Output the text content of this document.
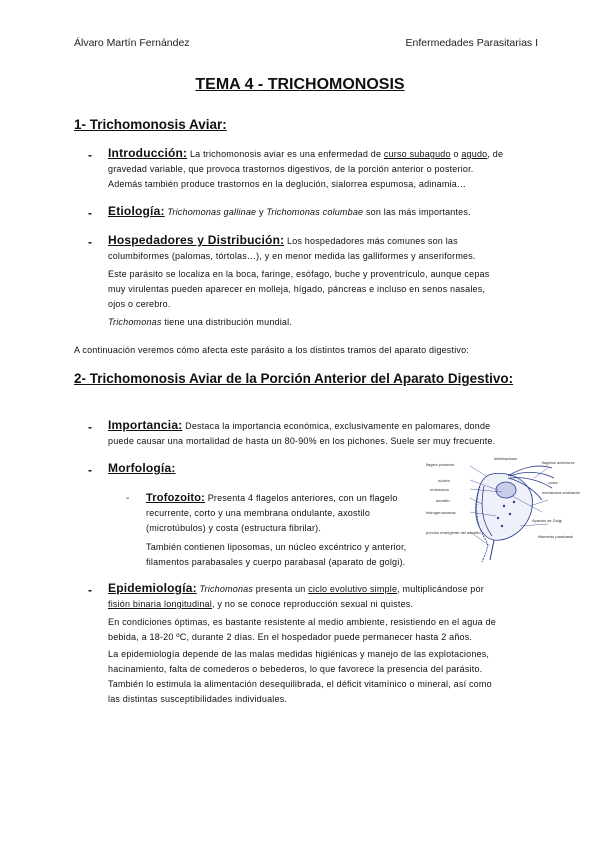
Álvaro Martín Fernández	Enfermedades Parasitarias I
TEMA 4 - TRICHOMONOSIS
1- Trichomonosis Aviar:
- Introducción: La trichomonosis aviar es una enfermedad de curso subagudo o agudo, de
gravedad variable, que provoca trastornos digestivos, de la porción anterior o posterior.
Además también produce trastornos en la deglución, sialorrea espumosa, adinamia…
- Etiología: Trichomonas gallinae y Trichomonas columbae son las más importantes.
- Hospedadores y Distribución: Los hospedadores más comunes son las
columbiformes (palomas, tórtolas…), y en menor medida las galliformes y anseriformes.
Este parásito se localiza en la boca, faringe, esófago, buche y proventrículo, aunque cepas
muy virulentas pueden aparecer en molleja, hígado, páncreas e incluso en senos nasales,
ojos o cerebro.
Trichomonas tiene una distribución mundial.
A continuación veremos cómo afecta este parásito a los distintos tramos del aparato digestivo:
2- Trichomonosis Aviar de la Porción Anterior del Aparato Digestivo:
- Importancia: Destaca la importancia económica, exclusivamente en palomares, donde
puede causar una mortalidad de hasta un 80-90% en los pichones. Suele ser muy frecuente.
- Morfología:
- Trofozoito: Presenta 4 flagelos anteriores, con un flagelo
recurrente, corto y una membrana ondulante, axostilo
(microtúbulos) y costa (estructura fibrilar).
También contienen liposomas, un núcleo excéntrico y anterior,
filamentos parabasales y cuerpo parabasal (aparato de golgi).
flagelo posterior
blefaroplasto
núcleo
endosoma
axostilo
hidrogenosomas
porción emergente del axostilo
flagelos anteriores
membrana ondulante
costa
Aparato de Golgi
filamento parabasal
- Epidemiología: Trichomonas presenta un ciclo evolutivo simple, multiplicándose por
fisión binaria longitudinal, y no se conoce reproducción sexual ni quistes.
En condiciones óptimas, es bastante resistente al medio ambiente, resistiendo en el agua de
bebida, a 18-20 ºC, durante 2 días. En el hospedador puede permanecer hasta 2 años.
La epidemiología depende de las malas medidas higiénicas y manejo de las explotaciones,
hacinamiento, falta de comederos o bebederos, lo que favorece la presencia del parásito.
También lo estimula la alimentación desequilibrada, el déficit vitamínico o mineral, así como
las distintas susceptibilidades individuales.
